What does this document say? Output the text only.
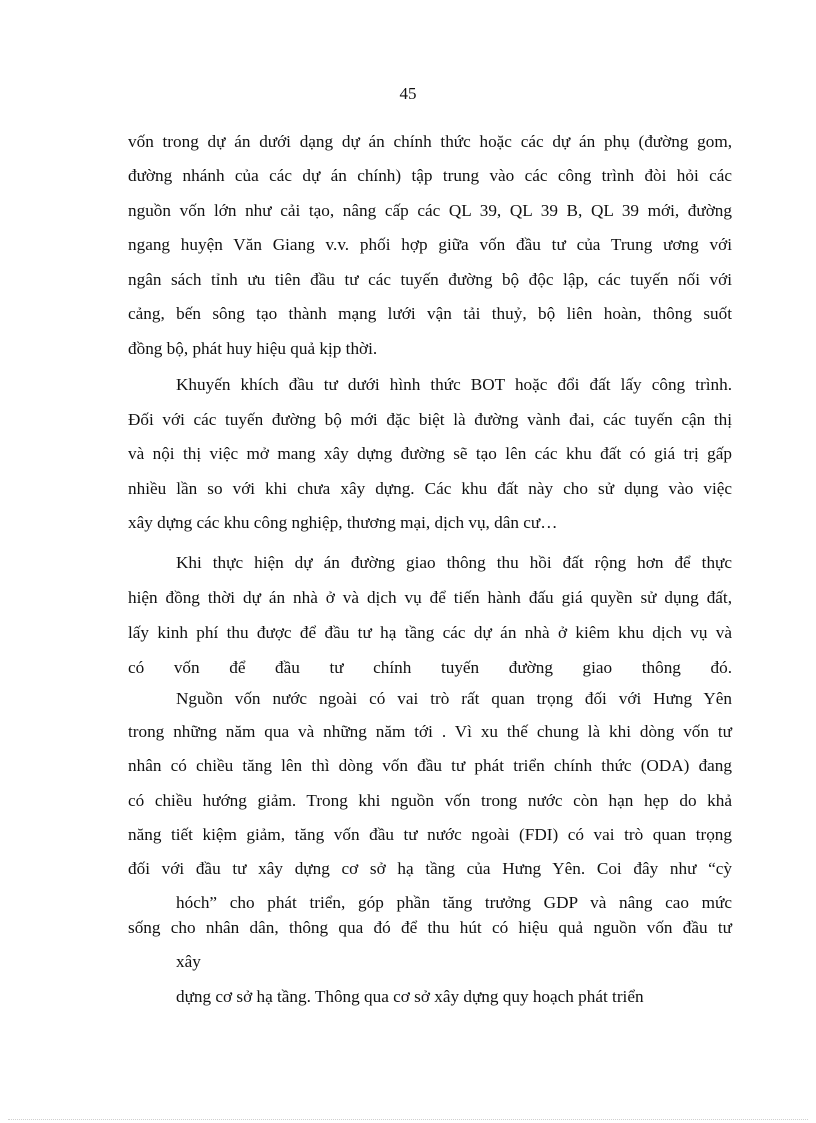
45
vốn trong dự án dưới dạng dự án chính thức hoặc các dự án phụ (đường gom,
đường nhánh của các dự án chính) tập trung vào các công trình đòi hỏi các
nguồn vốn lớn như cải tạo, nâng cấp các QL 39, QL 39 B, QL 39 mới, đường
ngang huyện Văn Giang v.v. phối hợp giữa vốn đầu tư của Trung ương với
ngân sách tỉnh ưu tiên đầu tư các tuyến đường bộ độc lập, các tuyến nối với
cảng, bến sông tạo thành mạng lưới vận tải thuỷ, bộ liên hoàn, thông suốt
đồng bộ, phát huy hiệu quả kịp thời.
Khuyến khích đầu tư dưới hình thức BOT hoặc đổi đất lấy công trình.
Đối với các tuyến đường bộ mới đặc biệt là đường vành đai, các tuyến cận thị
và nội thị việc mở mang xây dựng đường sẽ tạo lên các khu đất có giá trị gấp
nhiều lần so với khi chưa xây dựng. Các khu đất này cho sử dụng vào việc
xây dựng các khu công nghiệp, thương mại, dịch vụ, dân cư…
Khi thực hiện dự án đường giao thông thu hồi đất rộng hơn để thực
hiện đồng thời dự án nhà ở và dịch vụ để tiến hành đấu giá quyền sử dụng đất,
lấy kinh phí thu được để đầu tư hạ tầng các dự án nhà ở kiêm khu dịch vụ và
có vốn để đầu tư chính tuyến đường giao thông đó.
Nguồn vốn nước ngoài có vai trò rất quan trọng đối với Hưng Yên
trong những năm qua và những năm tới . Vì xu thế chung là khi dòng vốn tư
nhân có chiều tăng lên thì dòng vốn đầu tư phát triển chính thức (ODA) đang
có chiều hướng giảm. Trong khi nguồn vốn trong nước còn hạn hẹp do khả
năng tiết kiệm giảm, tăng vốn đầu tư nước ngoài (FDI) có vai trò quan trọng
đối với đầu tư xây dựng cơ sở hạ tầng của Hưng Yên. Coi đây như “cỳ
hóch” cho phát triển, góp phần tăng trưởng GDP và nâng cao mức
sống cho nhân dân, thông qua đó để thu hút có hiệu quả nguồn vốn đầu tư
xây
dựng cơ sở hạ tầng. Thông qua cơ sở xây dựng quy hoạch phát triển
